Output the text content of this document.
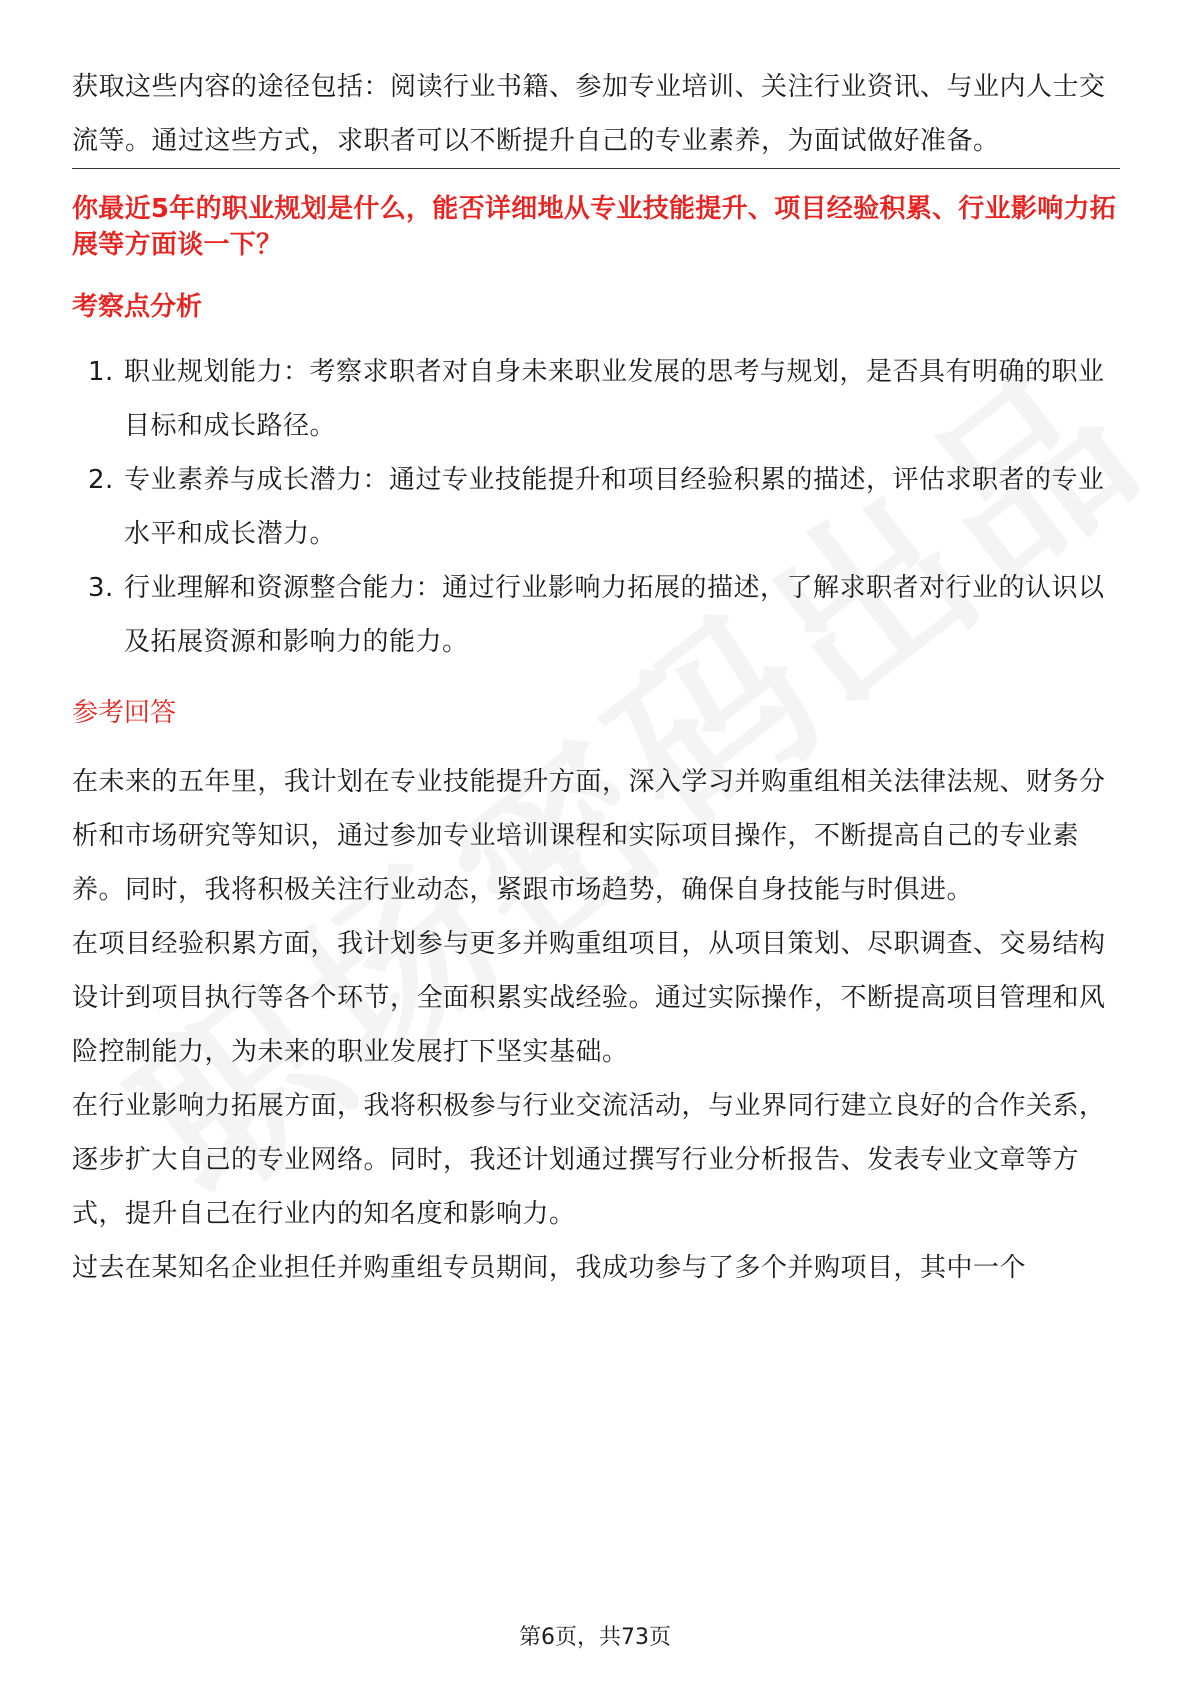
获取这些内容的途径包括：阅读行业书籍、参加专业培训、关注行业资讯、与业内人士交流等。通过这些方式，求职者可以不断提升自己的专业素养，为面试做好准备。

你最近5年的职业规划是什么，能否详细地从专业技能提升、项目经验积累、行业影响力拓展等方面谈一下？
考察点分析
1. 职业规划能力：考察求职者对自身未来职业发展的思考与规划，是否具有明确的职业目标和成长路径。
2. 专业素养与成长潜力：通过专业技能提升和项目经验积累的描述，评估求职者的专业水平和成长潜力。
3. 行业理解和资源整合能力：通过行业影响力拓展的描述，了解求职者对行业的认识以及拓展资源和影响力的能力。
参考回答

在未来的五年里，我计划在专业技能提升方面，深入学习并购重组相关法律法规、财务分析和市场研究等知识，通过参加专业培训课程和实际项目操作，不断提高自己的专业素养。同时，我将积极关注行业动态，紧跟市场趋势，确保自身技能与时俱进。

在项目经验积累方面，我计划参与更多并购重组项目，从项目策划、尽职调查、交易结构设计到项目执行等各个环节，全面积累实战经验。通过实际操作，不断提高项目管理和风险控制能力，为未来的职业发展打下坚实基础。

在行业影响力拓展方面，我将积极参与行业交流活动，与业界同行建立良好的合作关系，逐步扩大自己的专业网络。同时，我还计划通过撰写行业分析报告、发表专业文章等方式，提升自己在行业内的知名度和影响力。

过去在某知名企业担任并购重组专员期间，我成功参与了多个并购项目，其中一个

第6页，共73页
